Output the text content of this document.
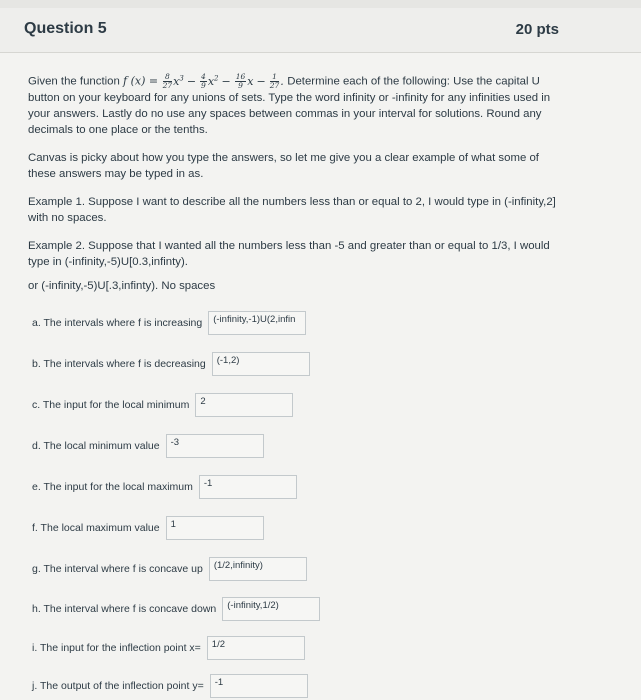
Question 5	20 pts

Given the function f $(x) = \frac{8}{27} x^3 - \frac{4}{9} x^2 - \frac{16}{9}$ $x - \frac{1}{27}$ . Determine each of the following: Use the capital U button on your keyboard for any unions of sets. Type the word infinity or -infinity for any infinities used in your answers. Lastly do no use any spaces between commas in your interval for solutions. Round any decimals to one place or the tenths.

Canvas is picky about how you type the answers, so let me give you a clear example of what some of these answers may be typed in as.

Example 1. Suppose I want to describe all the numbers less than or equal to 2, I would type in (-infinity,2] with no spaces.

Example 2. Suppose that I wanted all the numbers less than -5 and greater than or equal to 1/3, I would type in (-infinity,-5)U[0.3,infinty).

or (-infinity,-5)U[.3,infinty). No spaces

a. The intervals where f is increasing	(-infinity,-1)U(2,infin
b. The intervals where f is decreasing	(-1,2)
c. The input for the local minimum	2
d. The local minimum value	-3
e. The input for the local maximum	-1
f. The local maximum value	1
g. The interval where f is concave up	(1/2,infinity)
h. The interval where f is concave down	(-infinity,1/2)
i. The input for the inflection point x=	1/2
j. The output of the inflection point y=	-1
